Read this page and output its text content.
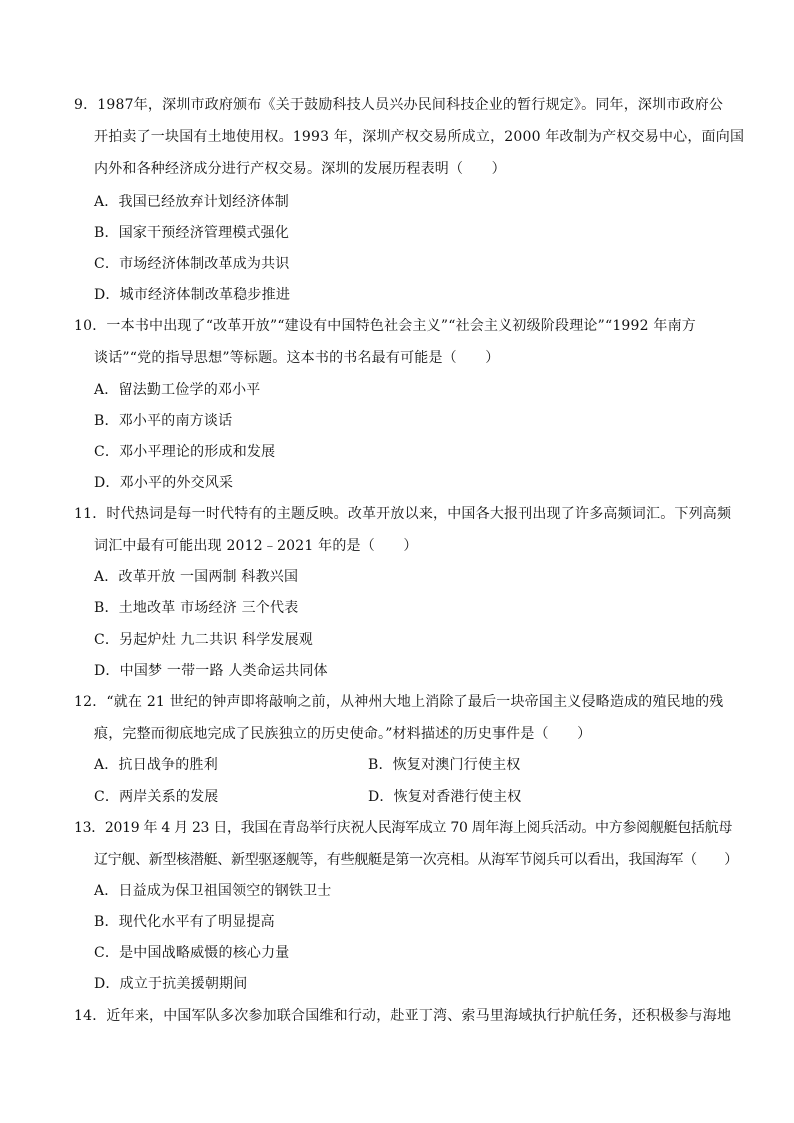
9．1987年，深圳市政府颁布《关于鼓励科技人员兴办民间科技企业的暂行规定》。同年，深圳市政府公
开拍卖了一块国有土地使用权。1993 年，深圳产权交易所成立，2000 年改制为产权交易中心，面向国
内外和各种经济成分进行产权交易。深圳的发展历程表明（　　）
A．我国已经放弃计划经济体制
B．国家干预经济管理模式强化
C．市场经济体制改革成为共识
D．城市经济体制改革稳步推进
10．一本书中出现了“改革开放”“建设有中国特色社会主义”“社会主义初级阶段理论”“1992 年南方
谈话”“党的指导思想”等标题。这本书的书名最有可能是（　　）
A．留法勤工俭学的邓小平
B．邓小平的南方谈话
C．邓小平理论的形成和发展
D．邓小平的外交风采
11．时代热词是每一时代特有的主题反映。改革开放以来，中国各大报刊出现了许多高频词汇。下列高频
词汇中最有可能出现 2012﹣2021 年的是（　　）
A．改革开放 一国两制 科教兴国
B．土地改革 市场经济 三个代表
C．另起炉灶 九二共识 科学发展观
D．中国梦 一带一路 人类命运共同体
12．“就在 21 世纪的钟声即将敲响之前，从神州大地上消除了最后一块帝国主义侵略造成的殖民地的残
痕，完整而彻底地完成了民族独立的历史使命。”材料描述的历史事件是（　　）
A．抗日战争的胜利	B．恢复对澳门行使主权
C．两岸关系的发展	D．恢复对香港行使主权
13．2019 年 4 月 23 日，我国在青岛举行庆祝人民海军成立 70 周年海上阅兵活动。中方参阅舰艇包括航母
辽宁舰、新型核潜艇、新型驱逐舰等，有些舰艇是第一次亮相。从海军节阅兵可以看出，我国海军（　　）
A．日益成为保卫祖国领空的钢铁卫士
B．现代化水平有了明显提高
C．是中国战略威慑的核心力量
D．成立于抗美援朝期间
14．近年来，中国军队多次参加联合国维和行动，赴亚丁湾、索马里海域执行护航任务，还积极参与海地
